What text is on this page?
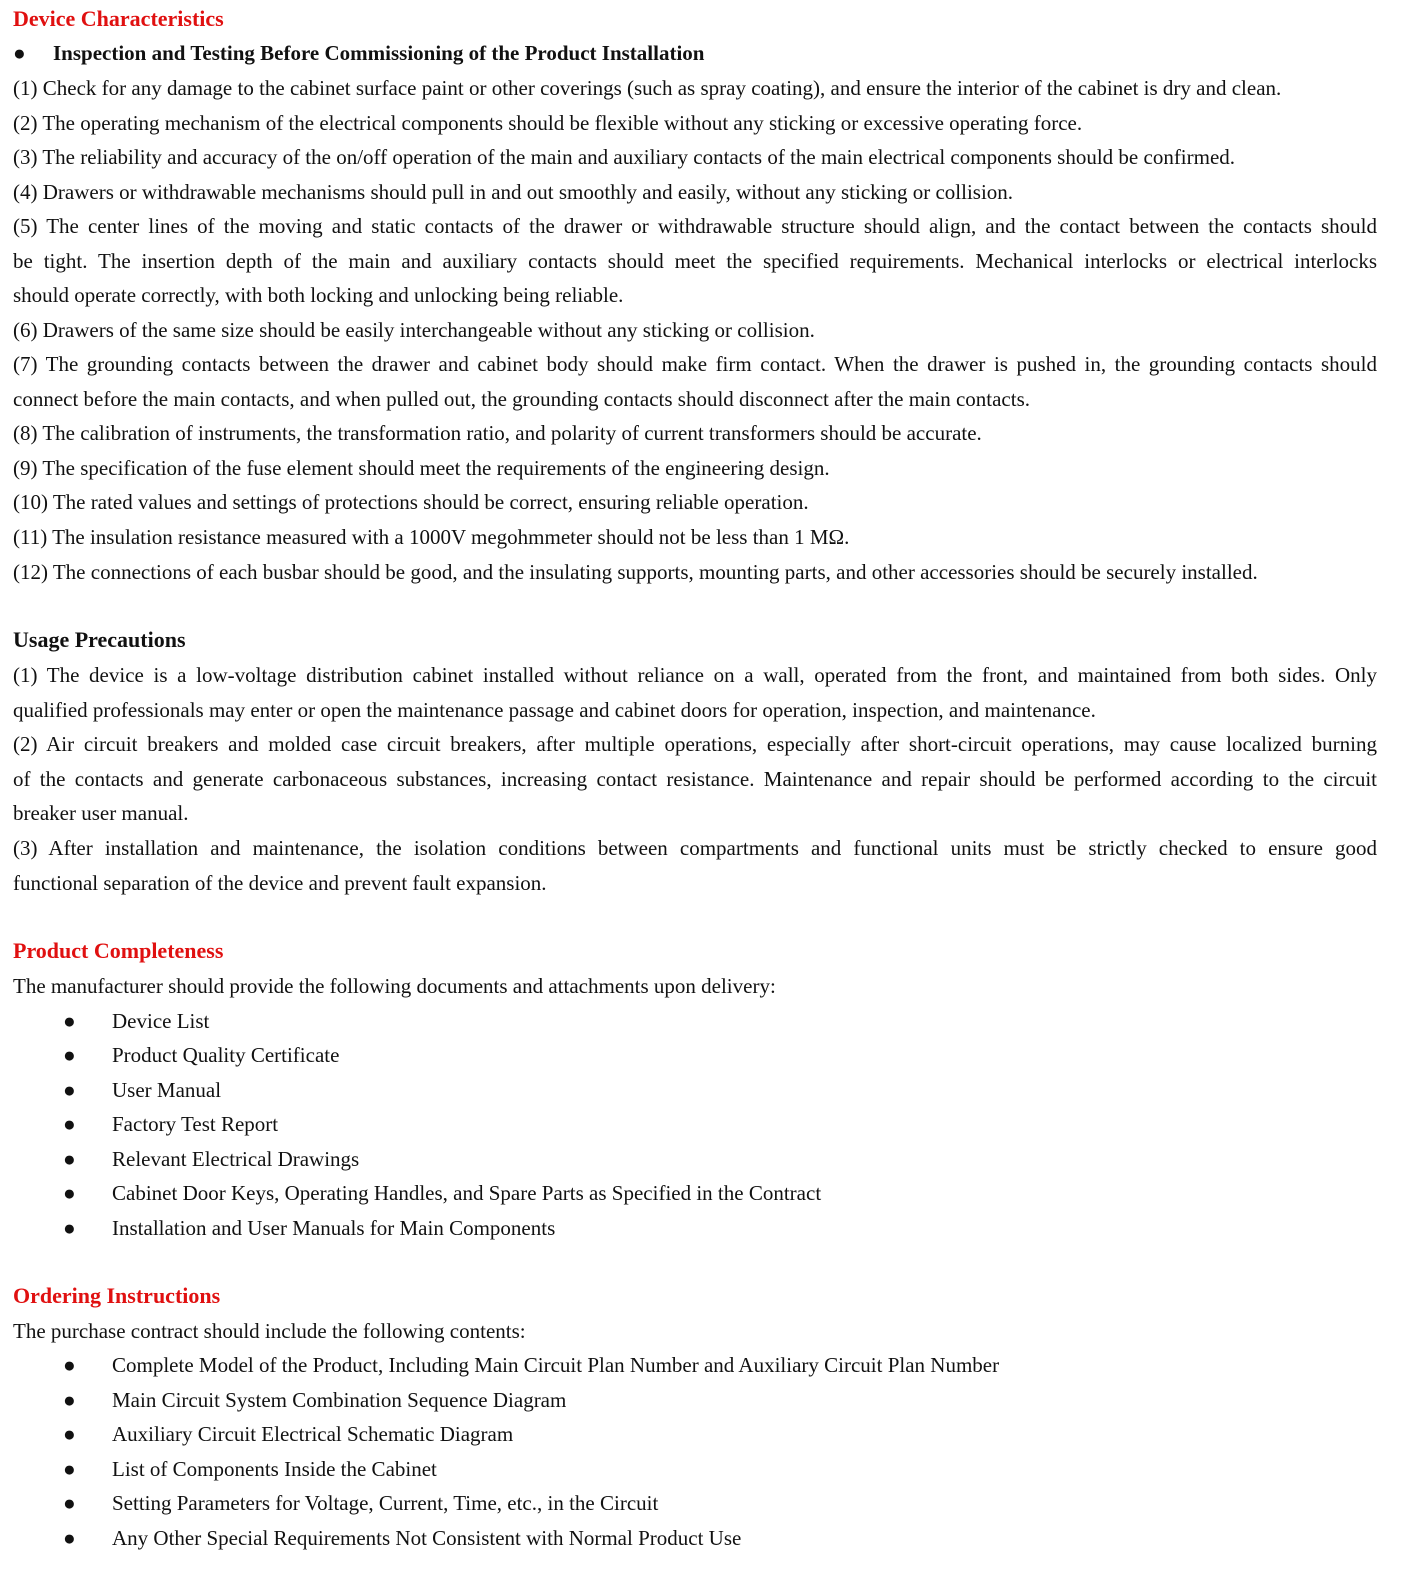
Device Characteristics
● Inspection and Testing Before Commissioning of the Product Installation
(1) Check for any damage to the cabinet surface paint or other coverings (such as spray coating), and ensure the interior of the cabinet is dry and clean.
(2) The operating mechanism of the electrical components should be flexible without any sticking or excessive operating force.
(3) The reliability and accuracy of the on/off operation of the main and auxiliary contacts of the main electrical components should be confirmed.
(4) Drawers or withdrawable mechanisms should pull in and out smoothly and easily, without any sticking or collision.
(5) The center lines of the moving and static contacts of the drawer or withdrawable structure should align, and the contact between the contacts should
be tight. The insertion depth of the main and auxiliary contacts should meet the specified requirements. Mechanical interlocks or electrical interlocks
should operate correctly, with both locking and unlocking being reliable.
(6) Drawers of the same size should be easily interchangeable without any sticking or collision.
(7) The grounding contacts between the drawer and cabinet body should make firm contact. When the drawer is pushed in, the grounding contacts should
connect before the main contacts, and when pulled out, the grounding contacts should disconnect after the main contacts.
(8) The calibration of instruments, the transformation ratio, and polarity of current transformers should be accurate.
(9) The specification of the fuse element should meet the requirements of the engineering design.
(10) The rated values and settings of protections should be correct, ensuring reliable operation.
(11) The insulation resistance measured with a 1000V megohmmeter should not be less than 1 MΩ.
(12) The connections of each busbar should be good, and the insulating supports, mounting parts, and other accessories should be securely installed.
Usage Precautions
(1) The device is a low-voltage distribution cabinet installed without reliance on a wall, operated from the front, and maintained from both sides. Only
qualified professionals may enter or open the maintenance passage and cabinet doors for operation, inspection, and maintenance.
(2) Air circuit breakers and molded case circuit breakers, after multiple operations, especially after short-circuit operations, may cause localized burning
of the contacts and generate carbonaceous substances, increasing contact resistance. Maintenance and repair should be performed according to the circuit
breaker user manual.
(3) After installation and maintenance, the isolation conditions between compartments and functional units must be strictly checked to ensure good
functional separation of the device and prevent fault expansion.
Product Completeness
The manufacturer should provide the following documents and attachments upon delivery:
● Device List
● Product Quality Certificate
● User Manual
● Factory Test Report
● Relevant Electrical Drawings
● Cabinet Door Keys, Operating Handles, and Spare Parts as Specified in the Contract
● Installation and User Manuals for Main Components
Ordering Instructions
The purchase contract should include the following contents:
● Complete Model of the Product, Including Main Circuit Plan Number and Auxiliary Circuit Plan Number
● Main Circuit System Combination Sequence Diagram
● Auxiliary Circuit Electrical Schematic Diagram
● List of Components Inside the Cabinet
● Setting Parameters for Voltage, Current, Time, etc., in the Circuit
● Any Other Special Requirements Not Consistent with Normal Product Use
